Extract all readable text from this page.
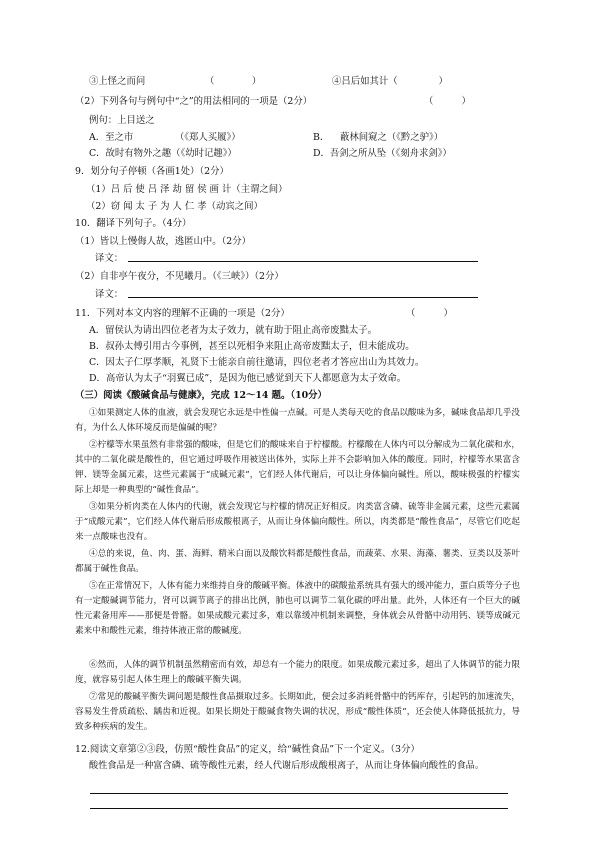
③上怪之而问	（　　　　）	④吕后如其计（ 　　　　）
（2）下列各句与例句中“之”的用法相同的一项是（2分）	（　　　）
例句：上目送之
A．至之市	（《郑人买履》）	B． 蔽林间窥之（《黔之驴》）
C．故时有物外之趣（《幼时记趣》）	D．吾剑之所从坠（《刻舟求剑》）
9．划分句子停顿（各画1处）（2分）
（1）吕 后 使 吕 泽 劫 留 侯 画 计（主谓之间）
（2）窃 闻 太 子 为 人 仁 孝（动宾之间）
10．翻译下列句子。（4分）
（1）皆以上慢侮人故，逃匿山中。（2分）
译文：
（2）自非亭午夜分，不见曦月。（《三峡》）（2分）
译文：
11．下列对本文内容的理解不正确的一项是（2分）	（　　　）
A．留侯认为请出四位老者为太子效力，就有助于阻止高帝废黜太子。
B．叔孙太傅引用古今事例，甚至以死相争来阻止高帝废黜太子，但未能成功。
C．因太子仁厚孝顺，礼贤下士能亲自前往邀请，四位老者才答应出山为其效力。
D．高帝认为太子“羽翼已成”，是因为他已感觉到天下人都愿意为太子效命。
（三）阅读《酸碱食品与健康》，完成 12～14 题。（10分）
①如果测定人体的血液，就会发现它永远是中性偏一点碱。可是人类每天吃的食品以酸味为多，碱味食品却几乎没有，为什么人体环境反而是偏碱的呢？
②柠檬等水果虽然有非常强的酸味，但是它们的酸味来自于柠檬酸。柠檬酸在人体内可以分解成为二氧化碳和水，其中的二氧化碳是酸性的，但它通过呼吸作用被送出体外，实际上并不会影响加入体的酸度。同时，柠檬等水果富含钾、镁等金属元素，这些元素属于“成碱元素”，它们经人体代谢后，可以让身体偏向碱性。所以，酸味极强的柠檬实际上却是一种典型的“碱性食品”。
③如果分析肉类在人体内的代谢，就会发现它与柠檬的情况正好相反。肉类富含磷、硫等非金属元素，这些元素属于“成酸元素”，它们经人体代谢后形成酸根离子，从而让身体偏向酸性。所以，肉类都是“酸性食品”，尽管它们吃起来一点酸味也没有。
④总的来说，鱼、肉、蛋、海鲜、精米白面以及酸饮料都是酸性食品，而蔬菜、水果、海藻、薯类、豆类以及茶叶都属于碱性食品。
⑤在正常情况下，人体有能力来维持自身的酸碱平衡。体液中的碳酸盐系统具有强大的缓冲能力，蛋白质等分子也有一定酸碱调节能力，肾可以调节离子的排出比例，肺也可以调节二氧化碳的呼出量。此外，人体还有一个巨大的碱性元素备用库——那便是骨骼。如果成酸元素过多，难以靠缓冲机制来调整，身体就会从骨骼中动用钙、镁等成碱元素来中和酸性元素，维持体液正常的酸碱度。
⑥然而，人体的调节机制虽然精密而有效，却总有一个能力的限度。如果成酸元素过多，超出了人体调节的能力限度，就容易引起人体生理上的酸碱平衡失调。
⑦常见的酸碱平衡失调问题是酸性食品摄取过多。长期如此，便会过多消耗骨骼中的钙库存，引起钙的加速流失，容易发生骨质疏松、龋齿和近视。如果长期处于酸碱食物失调的状况，形成“酸性体质”，还会使人体降低抵抗力，导致多种疾病的发生。
12.阅读文章第②③段，仿照“酸性食品”的定义，给“碱性食品”下一个定义。（3分）
酸性食品是一种富含磷、硫等酸性元素，经人代谢后形成酸根离子，从而让身体偏向酸性的食品。
